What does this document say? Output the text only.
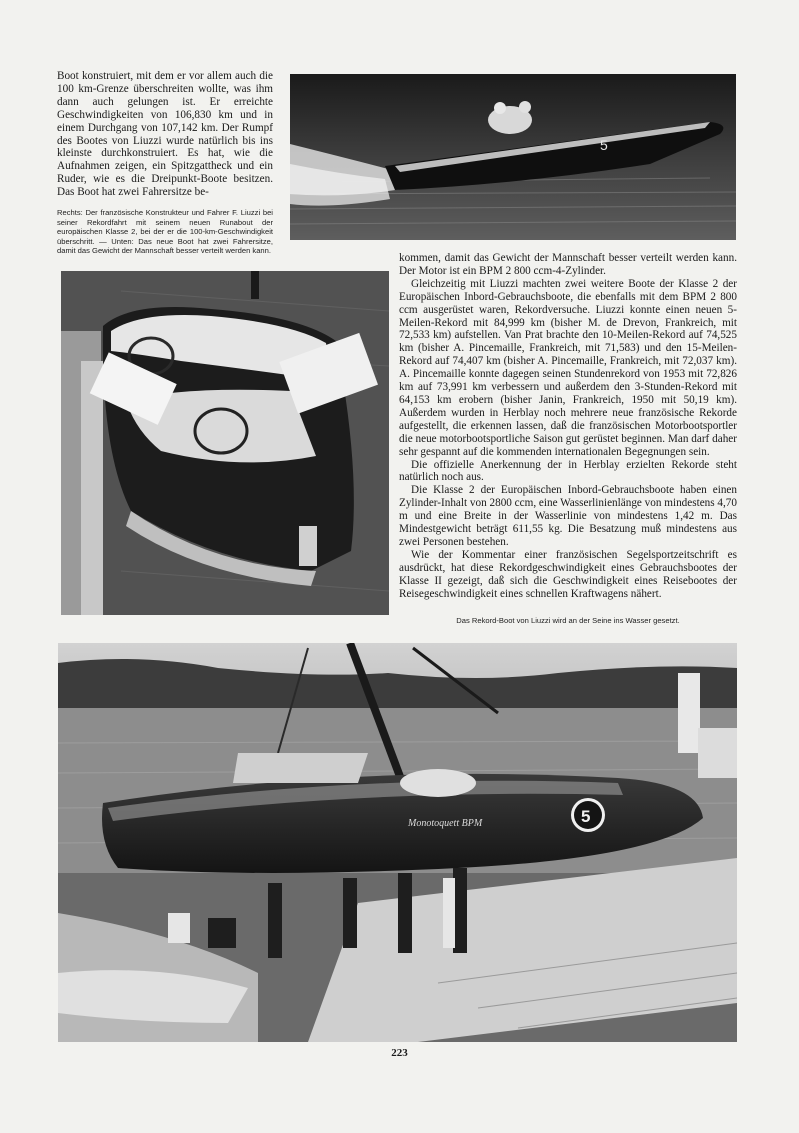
Boot konstruiert, mit dem er vor allem auch die 100 km-Grenze überschreiten wollte, was ihm dann auch gelungen ist. Er erreichte Geschwindigkeiten von 106,830 km und in einem Durchgang von 107,142 km. Der Rumpf des Bootes von Liuzzi wurde natürlich bis ins kleinste durchkonstruiert. Es hat, wie die Aufnahmen zeigen, ein Spitzgattheck und ein Ruder, wie es die Dreipunkt-Boote besitzen. Das Boot hat zwei Fahrersitze be-

Rechts: Der französische Konstrukteur und Fahrer F. Liuzzi bei seiner Rekordfahrt mit seinem neuen Runabout der europäischen Klasse 2, bei der er die 100-km-Geschwindigkeit überschritt. — Unten: Das neue Boot hat zwei Fahrersitze, damit das Gewicht der Mannschaft besser verteilt werden kann.
5

kommen, damit das Gewicht der Mannschaft besser verteilt werden kann. Der Motor ist ein BPM 2 800 ccm-4-Zylinder.

Gleichzeitig mit Liuzzi machten zwei weitere Boote der Klasse 2 der Europäischen Inbord-Gebrauchsboote, die ebenfalls mit dem BPM 2 800 ccm ausgerüstet waren, Rekordversuche. Liuzzi konnte einen neuen 5-Meilen-Rekord mit 84,999 km (bisher M. de Drevon, Frankreich, mit 72,533 km) aufstellen. Van Prat brachte den 10-Meilen-Rekord auf 74,525 km (bisher A. Pincemaille, Frankreich, mit 71,583) und den 15-Meilen-Rekord auf 74,407 km (bisher A. Pincemaille, Frankreich, mit 72,037 km). A. Pincemaille konnte dagegen seinen Stundenrekord von 1953 mit 72,826 km auf 73,991 km verbessern und außerdem den 3-Stunden-Rekord mit 64,153 km erobern (bisher Janin, Frankreich, 1950 mit 50,19 km). Außerdem wurden in Herblay noch mehrere neue französische Rekorde aufgestellt, die erkennen lassen, daß die französischen Motorbootsportler die neue motorbootsportliche Saison gut gerüstet beginnen. Man darf daher sehr gespannt auf die kommenden internationalen Begegnungen sein.

Die offizielle Anerkennung der in Herblay erzielten Rekorde steht natürlich noch aus.

Die Klasse 2 der Europäischen Inbord-Gebrauchsboote haben einen Zylinder-Inhalt von 2800 ccm, eine Wasserlinienlänge von mindestens 4,70 m und eine Breite in der Wasserlinie von mindestens 1,42 m. Das Mindestgewicht beträgt 611,55 kg. Die Besatzung muß mindestens aus zwei Personen bestehen.

Wie der Kommentar einer französischen Segelsportzeitschrift es ausdrückt, hat diese Rekordgeschwindigkeit eines Gebrauchsbootes der Klasse II gezeigt, daß sich die Geschwindigkeit eines Reisebootes der Reisegeschwindigkeit eines schnellen Kraftwagens nähert.

Das Rekord-Boot von Liuzzi wird an der Seine ins Wasser gesetzt.
5
Monotoquett BPM
223
